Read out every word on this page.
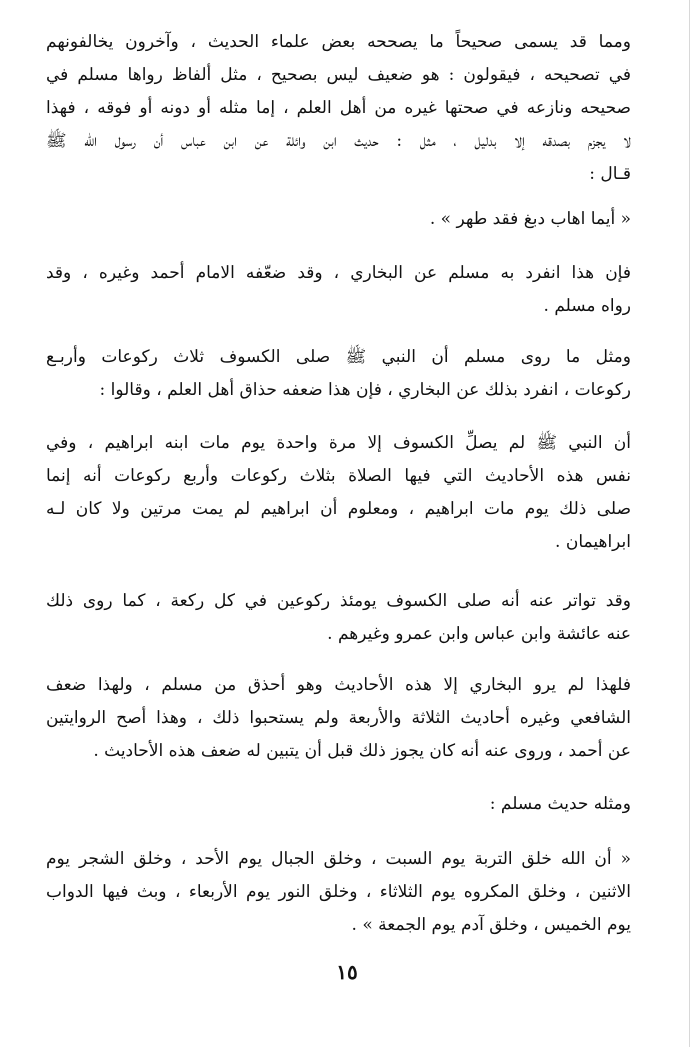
ومما قد يسمى صحيحاً ما يصححه بعض علماء الحديث ، وآخرون يخالفونهم
في تصحيحه ، فيقولون : هو ضعيف ليس بصحيح ، مثل ألفاظ رواها مسلم في
صحيحه ونازعه في صحتها غيره من أهل العلم ، إما مثله أو دونه أو فوقه ، فهذا
لا يجزم بصدقه إلا بدليل ، مثل : حديث ابن وائلة عن ابن عباس أن رسول الله ﷺ
قـال :
« أيما اهاب دبغ فقد طهر » .
فإن هذا انفرد به مسلم عن البخاري ، وقد ضعّفه الامام أحمد وغيره ، وقد
رواه مسلم .
ومثل ما روى مسلم أن النبي ﷺ صلى الكسوف ثلاث ركوعات وأربـع
ركوعات ، انفرد بذلك عن البخاري ، فإن هذا ضعفه حذاق أهل العلم ، وقالوا :
أن النبي ﷺ لم يصلِّ الكسوف إلا مرة واحدة يوم مات ابنه ابراهيم ، وفي
نفس هذه الأحاديث التي فيها الصلاة بثلاث ركوعات وأربع ركوعات أنه إنما
صلى ذلك يوم مات ابراهيم ، ومعلوم أن ابراهيم لم يمت مرتين ولا كان لـه
ابراهيمان .
وقد تواتر عنه أنه صلى الكسوف يومئذ ركوعين في كل ركعة ، كما روى ذلك
عنه عائشة وابن عباس وابن عمرو وغيرهم .
فلهذا لم يرو البخاري إلا هذه الأحاديث وهو أحذق من مسلم ، ولهذا ضعف
الشافعي وغيره أحاديث الثلاثة والأربعة ولم يستحبوا ذلك ، وهذا أصح الروايتين
عن أحمد ، وروى عنه أنه كان يجوز ذلك قبل أن يتبين له ضعف هذه الأحاديث .
ومثله حديث مسلم :
« أن الله خلق التربة يوم السبت ، وخلق الجبال يوم الأحد ، وخلق الشجر يوم
الاثنين ، وخلق المكروه يوم الثلاثاء ، وخلق النور يوم الأربعاء ، وبث فيها الدواب
يوم الخميس ، وخلق آدم يوم الجمعة » .
١٥
